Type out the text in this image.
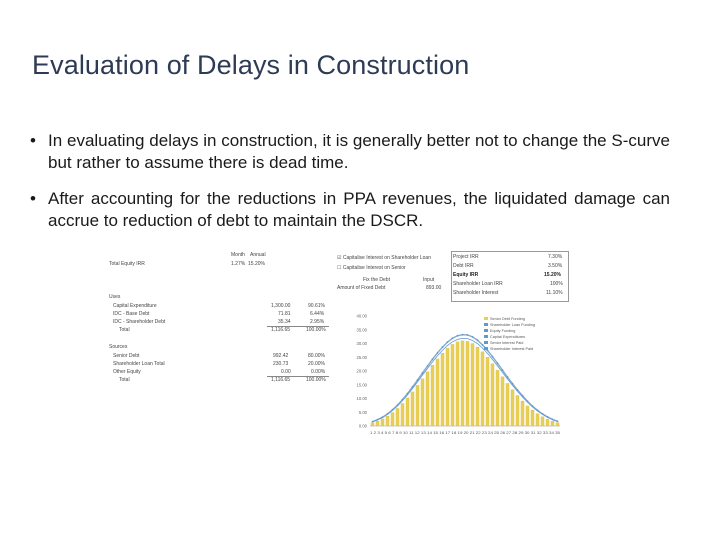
Evaluation of Delays in Construction
• In evaluating delays in construction, it is generally better not to change the S-curve but rather to assume there is dead time.
• After accounting for the reductions in PPA revenues, the liquidated damage can accrue to reduction of debt to maintain the DSCR.
Month Annual
Total Equity IRR	1.27% 15.20%
Uses
Capital Expenditure	1,300.00	90.61%
IDC - Base Debt	71.81	6.44%
IDC - Shareholder Debt	35.34	2.95%
Total	1,116.65	100.00%
Sources
Senior Debt	992.42	80.00%
Shareholder Loan Total	230.73	20.00%
Other Equity	0.00	0.00%
Total	1,116.65	100.00%
☑ Capitalise Interest on Shareholder Loan
☐ Capitalise Interest on Senior
Fix the Debt	Input
Amount of Fixed Debt	893.00
Project IRR	7.30%
Debt IRR	3.50%
Equity IRR	15.20%
Shareholder Loan IRR	100%
Shareholder Interest	11.10%
40.00
35.00
30.00
25.00
20.00
15.00
10.00
5.00
0.00
Senior Debt Funding
Shareholder Loan Funding
Equity Funding
Capital Expenditures
Senior Interest Paid
Shareholder Interest Paid
1 2 3 4 5 6 7 8 9 10 11 12 13 14 15 16 17 18 19 20 21 22 23 24 25 26 27 28 29 30 31 32 33 34 35
